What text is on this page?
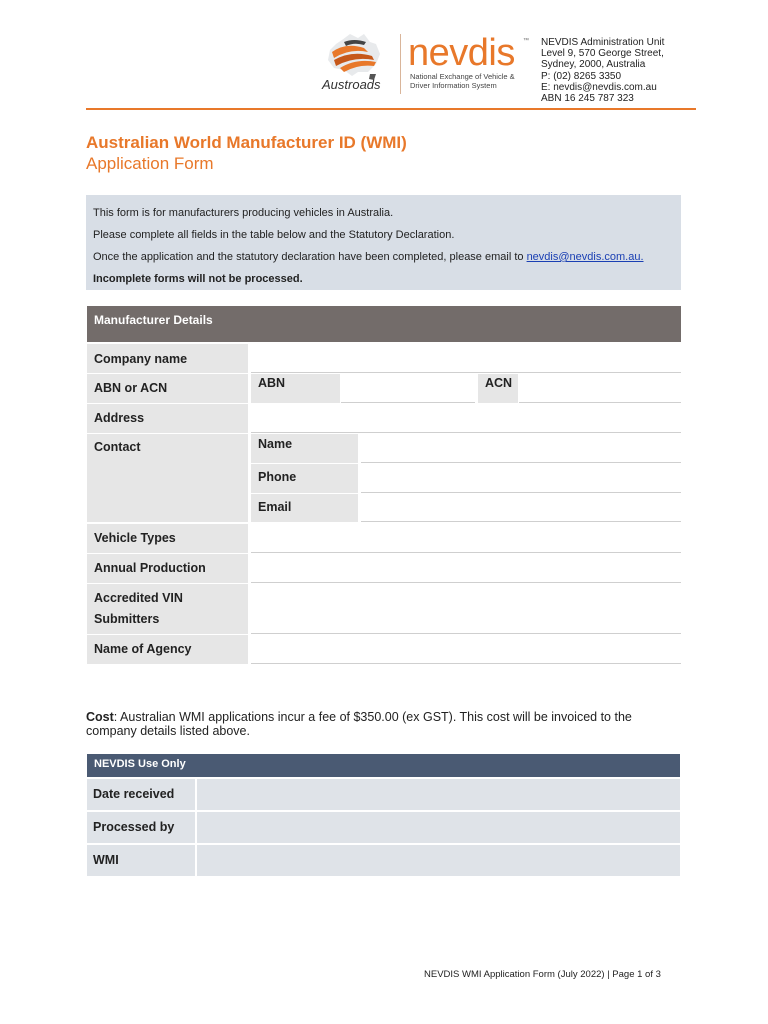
Austroads
nevdis ™
National Exchange of Vehicle &
Driver Information System
NEVDIS Administration Unit
Level 9, 570 George Street,
Sydney, 2000, Australia
P: (02) 8265 3350
E: nevdis@nevdis.com.au
ABN 16 245 787 323
Australian World Manufacturer ID (WMI)
Application Form
This form is for manufacturers producing vehicles in Australia.
Please complete all fields in the table below and the Statutory Declaration.
Once the application and the statutory declaration have been completed, please email to nevdis@nevdis.com.au.
Incomplete forms will not be processed.
Manufacturer Details
Company name
ABN or ACN	ABN	ACN
Address
Contact	Name
Phone
Email
Vehicle Types
Annual Production
Accredited VIN
Submitters
Name of Agency
Cost: Australian WMI applications incur a fee of $350.00 (ex GST). This cost will be invoiced to the company details listed above.
NEVDIS Use Only
Date received
Processed by
WMI
NEVDIS WMI Application Form (July 2022) | Page 1 of 3
